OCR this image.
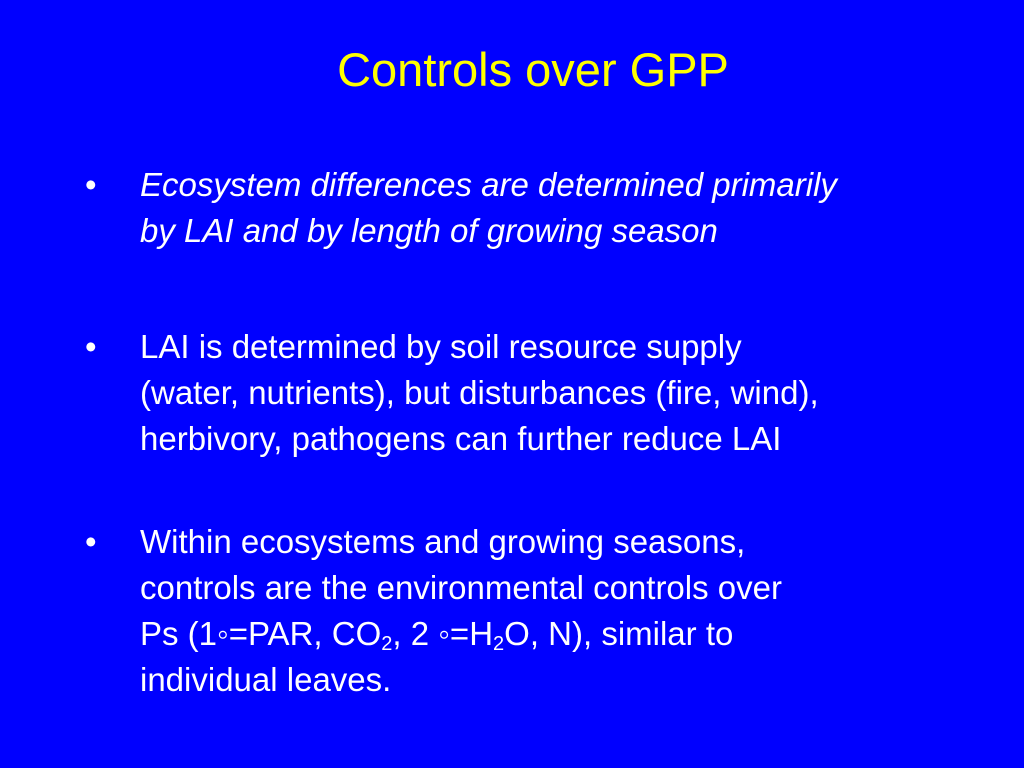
Controls over GPP
• Ecosystem differences are determined primarily
by LAI and by length of growing season
• LAI is determined by soil resource supply
(water, nutrients), but disturbances (fire, wind),
herbivory, pathogens can further reduce LAI
• Within ecosystems and growing seasons,
controls are the environmental controls over
Ps (1◦=PAR, $CO_2$, 2 $◦=H_2O$, N), similar to
individual leaves.
